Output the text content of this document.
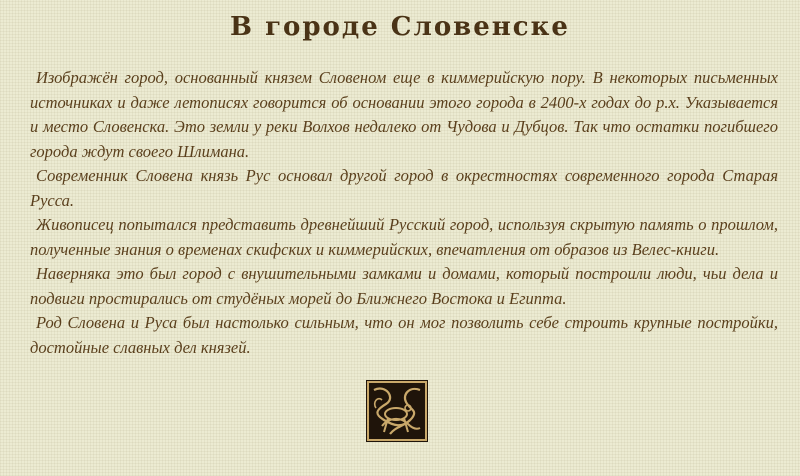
В городе Словенске

Изображён город, основанный князем Словеном еще в киммерийскую пору. В некоторых письменных источниках и даже летописях говорится об основании этого города в 2400-х годах до р.х. Указывается и место Словенска. Это земли у реки Волхов недалеко от Чудова и Дубцов. Так что остатки погибшего города ждут своего Шлимана.

Современник Словена князь Рус основал другой город в окрестностях современного города Старая Русса.

Живописец попытался представить древнейший Русский город, используя скрытую память о прошлом, полученные знания о временах скифских и киммерийских, впечатления от образов из Велес-книги.

Наверняка это был город с внушительными замками и домами, который построили люди, чьи дела и подвиги простирались от студёных морей до Ближнего Востока и Египта.

Род Словена и Руса был настолько сильным, что он мог позволить себе строить крупные постройки, достойные славных дел князей.
